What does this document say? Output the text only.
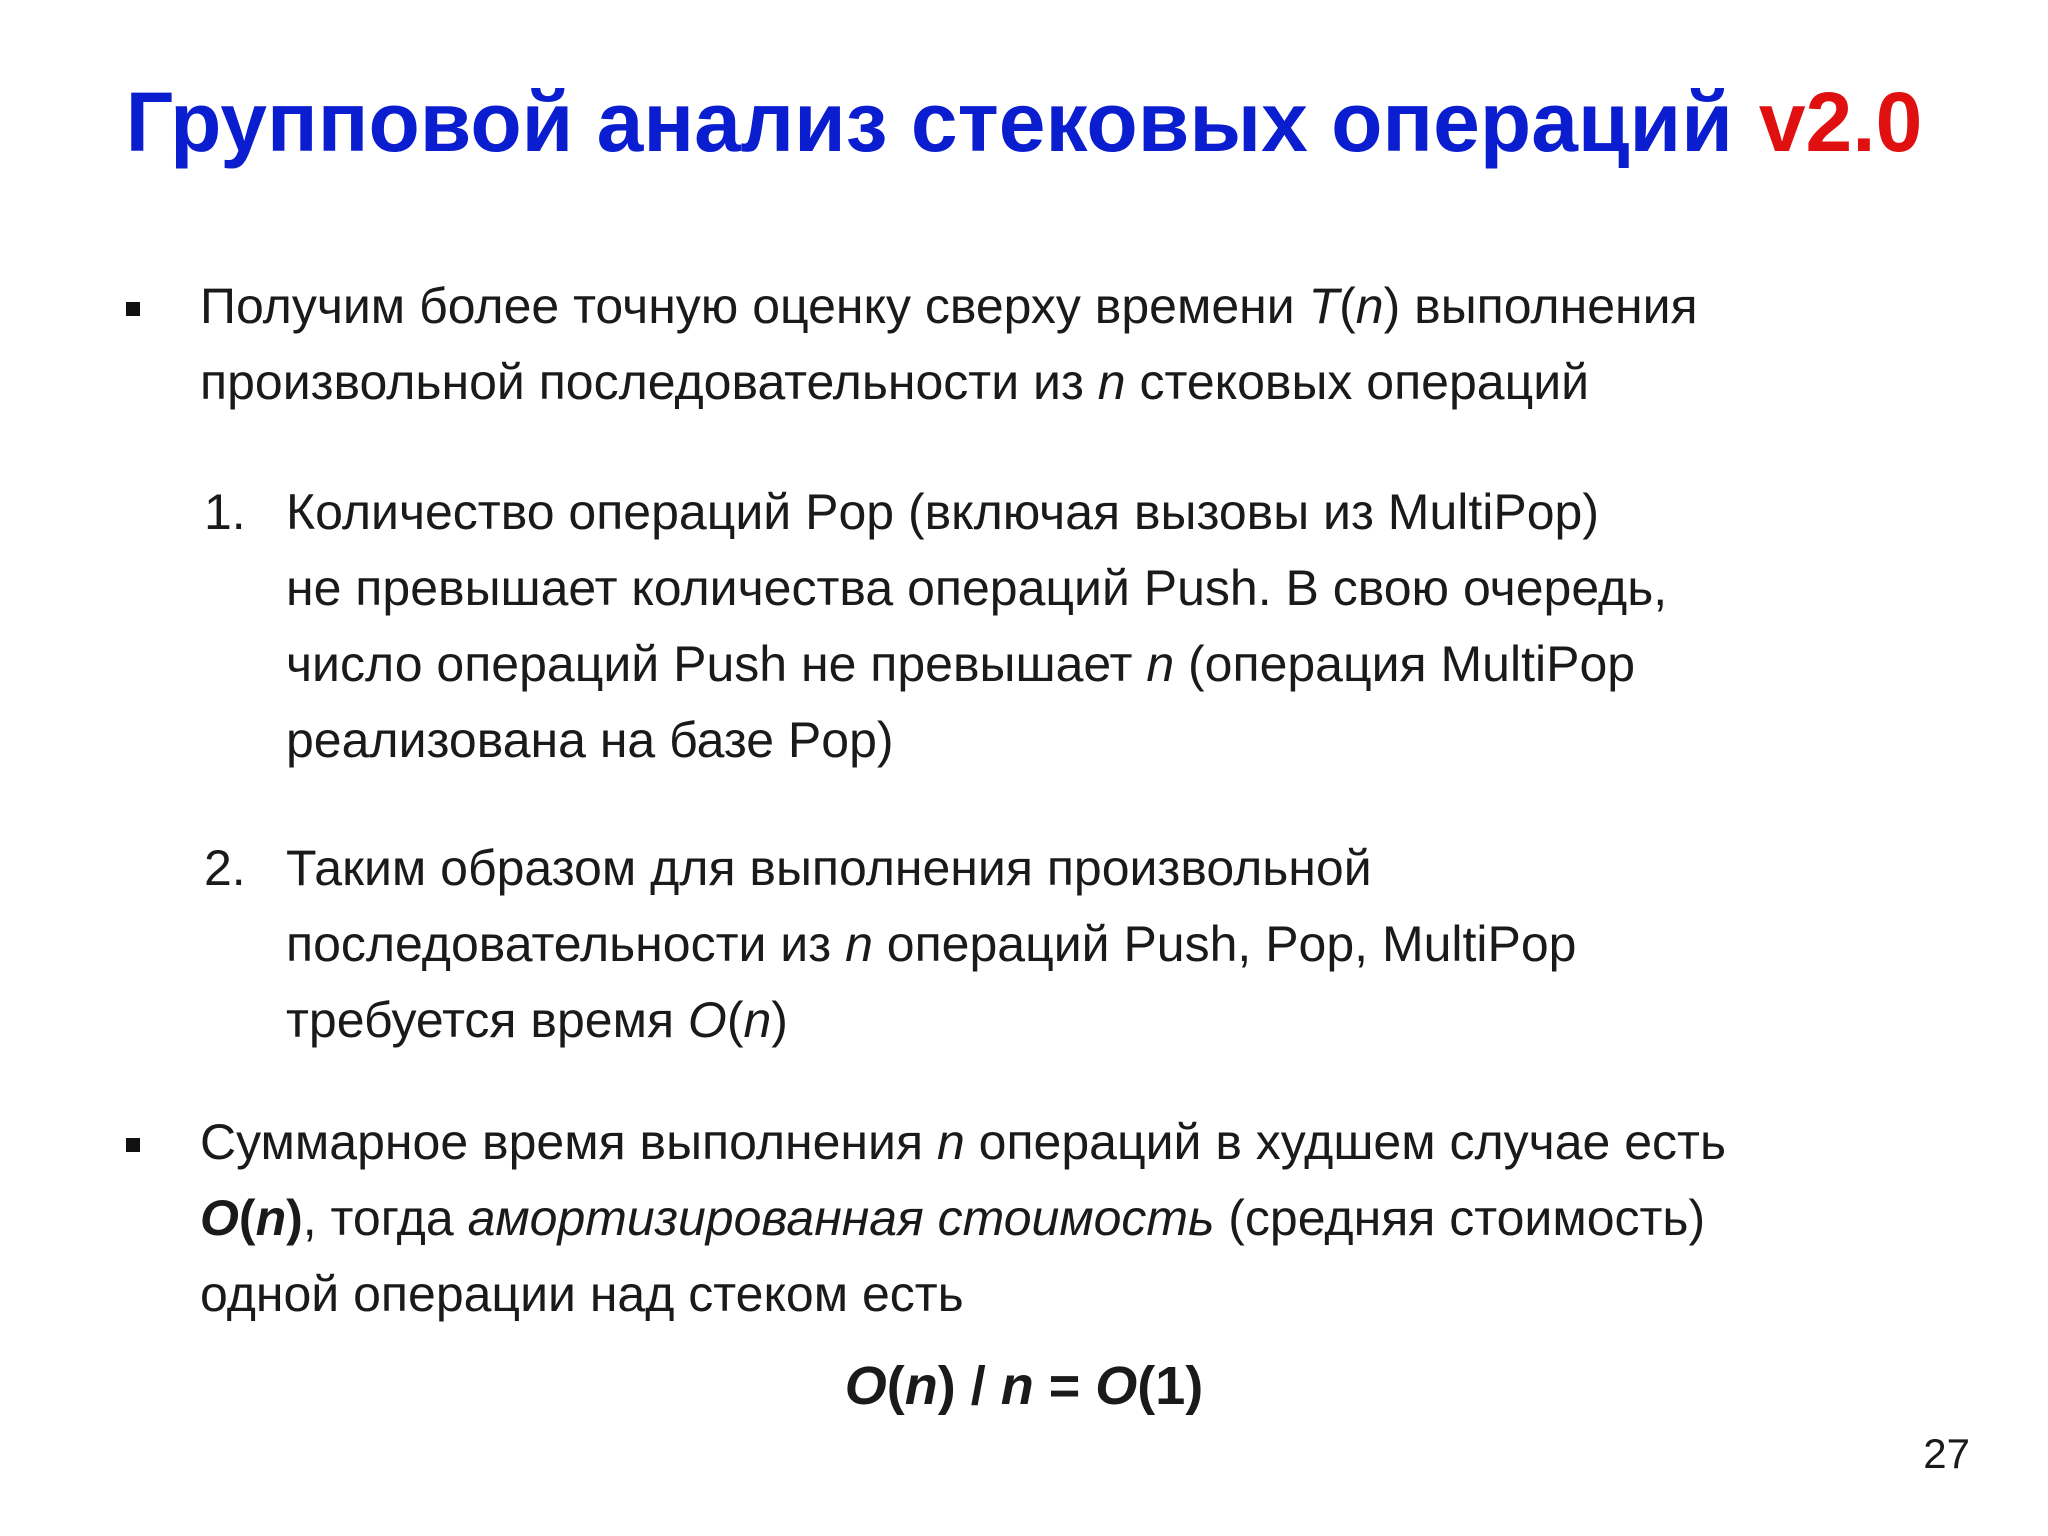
Групповой анализ стековых операций v2.0
Получим более точную оценку сверху времени T(n) выполнения
произвольной последовательности из n стековых операций
1. Количество операций Pop (включая вызовы из MultiPop)
не превышает количества операций Push. В свою очередь,
число операций Push не превышает n (операция MultiPop
реализована на базе Pop)
2. Таким образом для выполнения произвольной
последовательности из n операций Push, Pop, MultiPop
требуется время O(n)
Суммарное время выполнения n операций в худшем случае есть
O(n), тогда амортизированная стоимость (средняя стоимость)
одной операции над стеком есть
O(n) / n = O(1)
27
